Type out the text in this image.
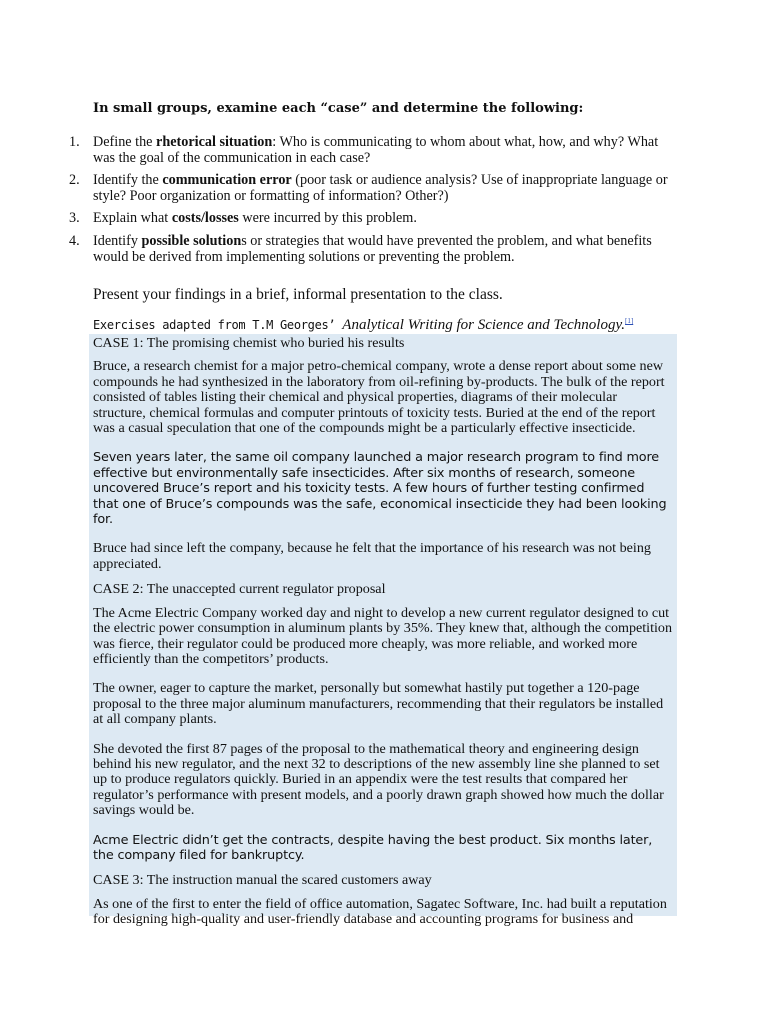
In small groups, examine each “case” and determine the following:
1. Define the rhetorical situation: Who is communicating to whom about what, how, and why? What was the goal of the communication in each case?
2. Identify the communication error (poor task or audience analysis? Use of inappropriate language or style? Poor organization or formatting of information? Other?)
3. Explain what costs/losses were incurred by this problem.
4. Identify possible solutions or strategies that would have prevented the problem, and what benefits would be derived from implementing solutions or preventing the problem.
Present your findings in a brief, informal presentation to the class.
Exercises adapted from T.M Georges’ Analytical Writing for Science and Technology.[1]

CASE 1: The promising chemist who buried his results

Bruce, a research chemist for a major petro-chemical company, wrote a dense report about some new compounds he had synthesized in the laboratory from oil-refining by-products. The bulk of the report consisted of tables listing their chemical and physical properties, diagrams of their molecular structure, chemical formulas and computer printouts of toxicity tests. Buried at the end of the report was a casual speculation that one of the compounds might be a particularly effective insecticide.

Seven years later, the same oil company launched a major research program to find more effective but environmentally safe insecticides. After six months of research, someone uncovered Bruce’s report and his toxicity tests. A few hours of further testing confirmed that one of Bruce’s compounds was the safe, economical insecticide they had been looking for.

Bruce had since left the company, because he felt that the importance of his research was not being appreciated.

CASE 2: The unaccepted current regulator proposal

The Acme Electric Company worked day and night to develop a new current regulator designed to cut the electric power consumption in aluminum plants by 35%. They knew that, although the competition was fierce, their regulator could be produced more cheaply, was more reliable, and worked more efficiently than the competitors’ products.

The owner, eager to capture the market, personally but somewhat hastily put together a 120-page proposal to the three major aluminum manufacturers, recommending that their regulators be installed at all company plants.

She devoted the first 87 pages of the proposal to the mathematical theory and engineering design behind his new regulator, and the next 32 to descriptions of the new assembly line she planned to set up to produce regulators quickly. Buried in an appendix were the test results that compared her regulator’s performance with present models, and a poorly drawn graph showed how much the dollar savings would be.

Acme Electric didn’t get the contracts, despite having the best product. Six months later, the company filed for bankruptcy.

CASE 3: The instruction manual the scared customers away

As one of the first to enter the field of office automation, Sagatec Software, Inc. had built a reputation for designing high-quality and user-friendly database and accounting programs for business and
